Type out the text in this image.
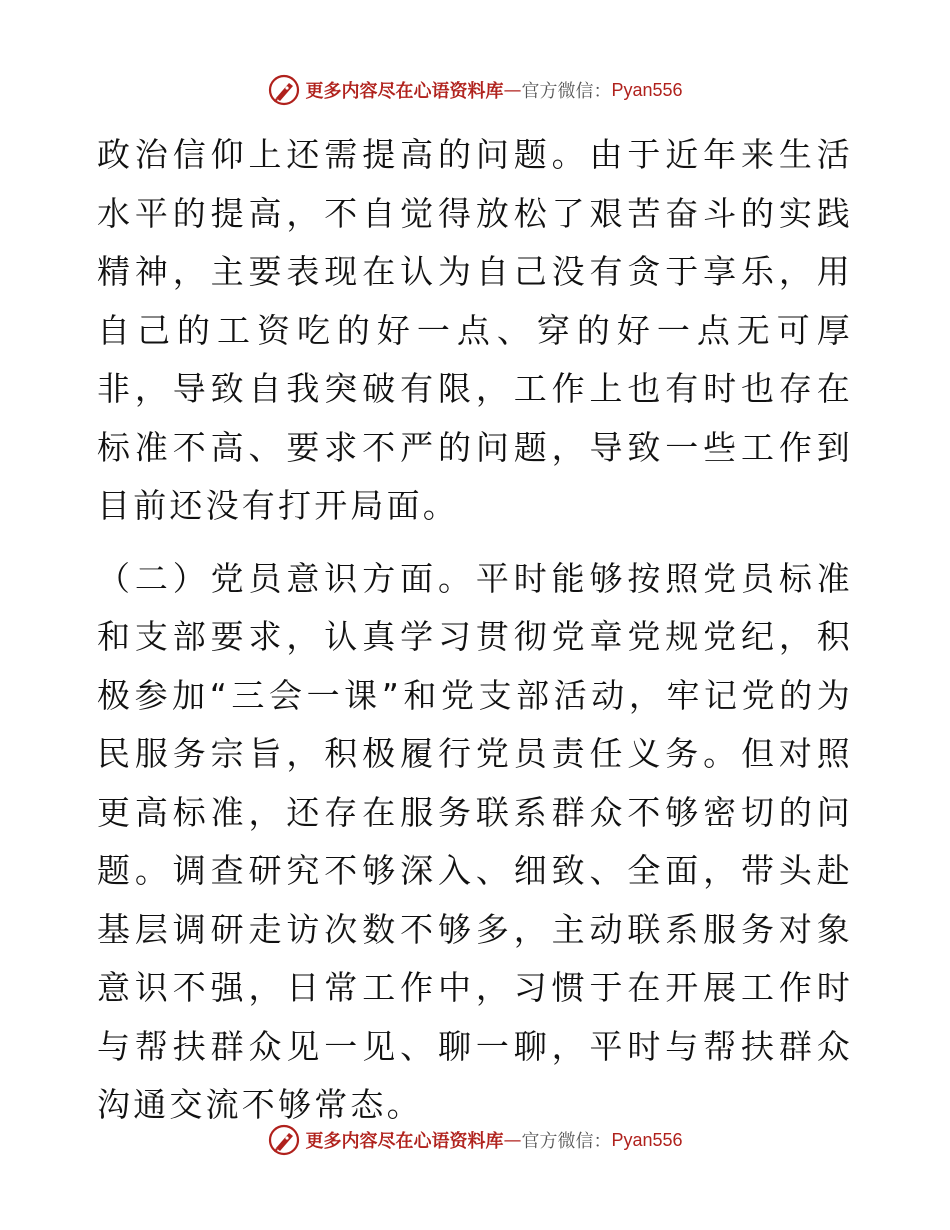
更多内容尽在心语资料库 — 官方微信： Pyan556

政治信仰上还需提高的问题。由于近年来生活水平的提高，不自觉得放松了艰苦奋斗的实践精神，主要表现在认为自己没有贪于享乐，用自己的工资吃的好一点、穿的好一点无可厚非，导致自我突破有限，工作上也有时也存在标准不高、要求不严的问题，导致一些工作到目前还没有打开局面。

（二）党员意识方面。平时能够按照党员标准和支部要求，认真学习贯彻党章党规党纪，积极参加“三会一课”和党支部活动，牢记党的为民服务宗旨，积极履行党员责任义务。但对照更高标准，还存在服务联系群众不够密切的问题。调查研究不够深入、细致、全面，带头赴基层调研走访次数不够多，主动联系服务对象意识不强，日常工作中，习惯于在开展工作时与帮扶群众见一见、聊一聊，平时与帮扶群众沟通交流不够常态。

更多内容尽在心语资料库 — 官方微信： Pyan556
